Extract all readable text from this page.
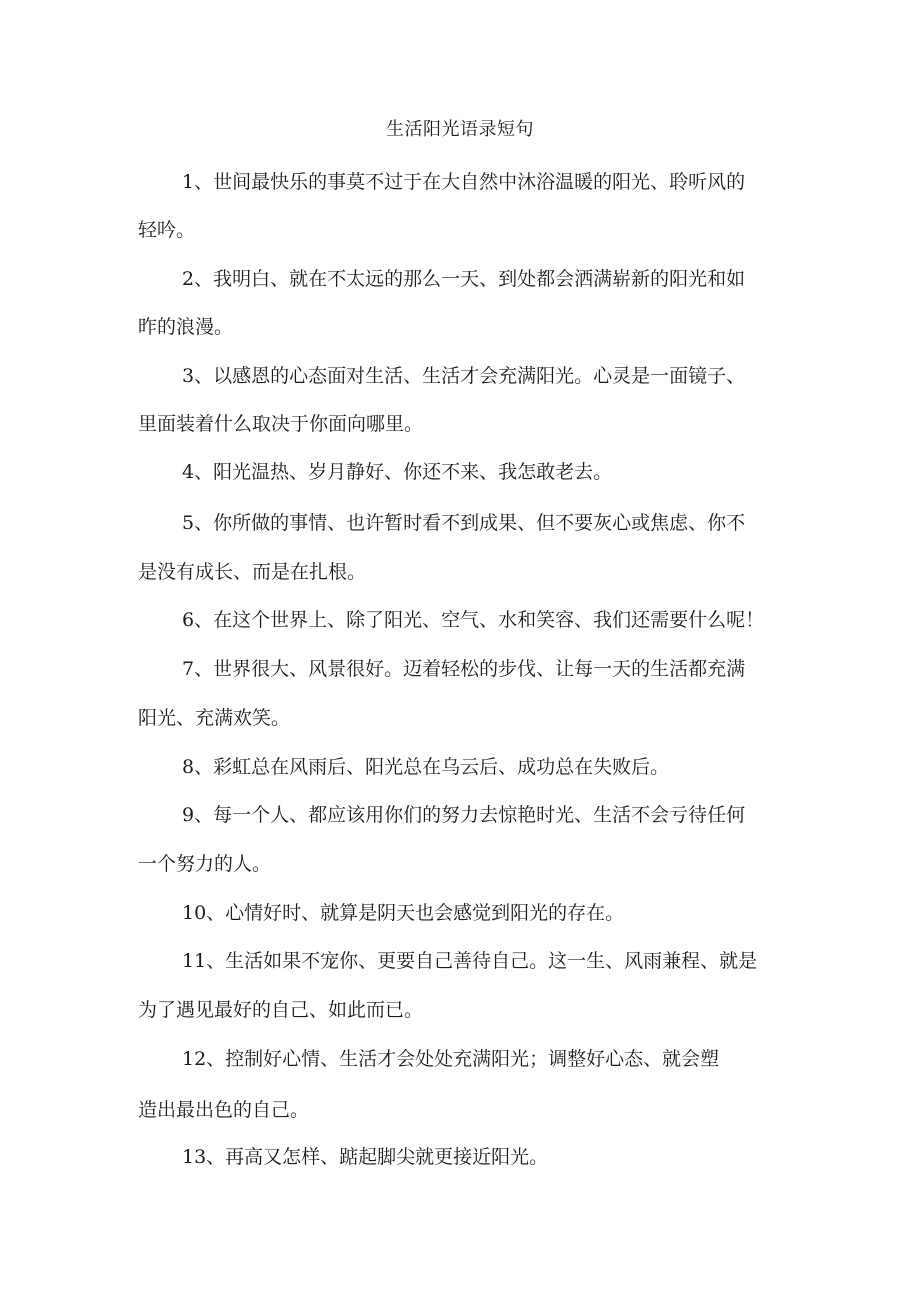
生活阳光语录短句

1、世间最快乐的事莫不过于在大自然中沐浴温暖的阳光、聆听风的

轻吟。

2、我明白、就在不太远的那么一天、到处都会洒满崭新的阳光和如

昨的浪漫。

3、以感恩的心态面对生活、生活才会充满阳光。心灵是一面镜子、

里面装着什么取决于你面向哪里。

4、阳光温热、岁月静好、你还不来、我怎敢老去。

5、你所做的事情、也许暂时看不到成果、但不要灰心或焦虑、你不

是没有成长、而是在扎根。

6、在这个世界上、除了阳光、空气、水和笑容、我们还需要什么呢！

7、世界很大、风景很好。迈着轻松的步伐、让每一天的生活都充满

阳光、充满欢笑。

8、彩虹总在风雨后、阳光总在乌云后、成功总在失败后。

9、每一个人、都应该用你们的努力去惊艳时光、生活不会亏待任何

一个努力的人。

10、心情好时、就算是阴天也会感觉到阳光的存在。

11、生活如果不宠你、更要自己善待自己。这一生、风雨兼程、就是

为了遇见最好的自己、如此而已。

12、控制好心情、生活才会处处充满阳光；调整好心态、就会塑

造出最出色的自己。

13、再高又怎样、踮起脚尖就更接近阳光。
